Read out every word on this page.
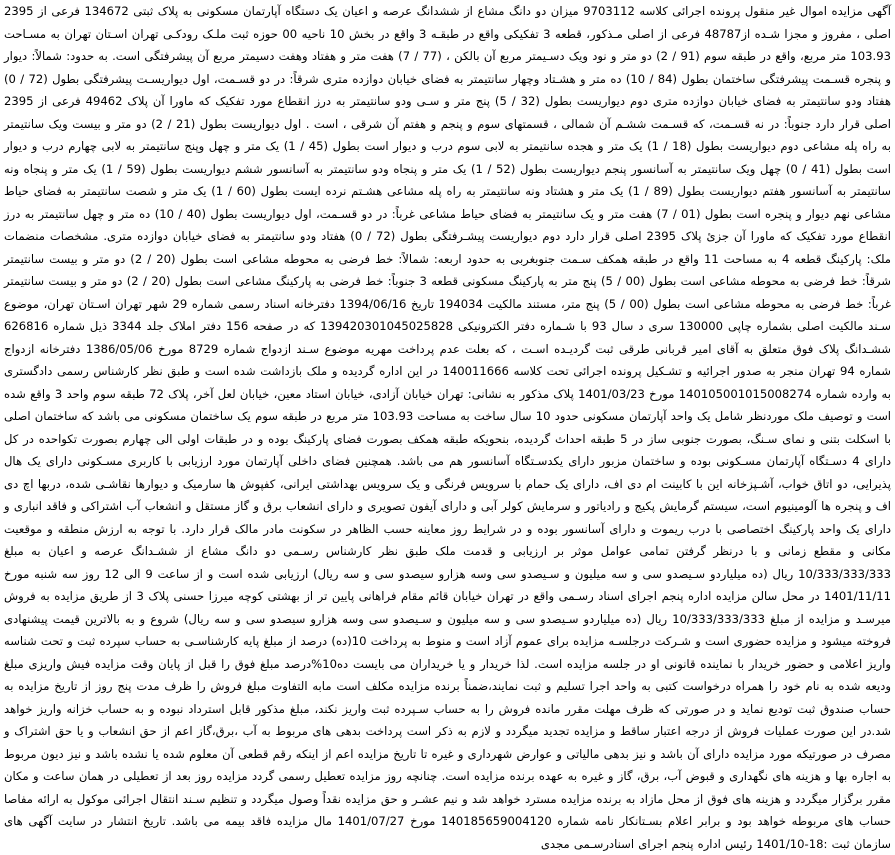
آگهی مزایده اموال غیر منقول پرونده اجرائی کلاسه 9703112 میزان دو دانگ مشاع از ششدانگ عرصه و اعیان یک دستگاه آپارتمان مسکونی به پلاک ثبتی 134672 فرعی از 2395 اصلی ، مفروز و مجزا شـده از48787 فرعی از اصلی مـذکور، قطعه 3 تفکیکی واقع در طبقـه 3 واقع در بخش 10 ناحیه 00 حوزه ثبت ملـک رودکـی تهران اسـتان تهران به مسـاحت 103.93 متر مربع، واقع در طبقه سوم (91 / 2) دو متر و نود ویک دسـیمتر مربع آن بالکن ، (77 / 7) هفت متر و هفتاد وهفت دسیمتر مربع آن پیشرفتگی است. به حدود: شمالاً: دیوار و پنجره قسـمت پیشرفتگی ساختمان بطول (84 / 10) ده متر و هشـتاد وچهار سانتیمتر به فضای خیابان دوازده متری شرقاً: در دو قسـمت، اول دیواریسـت پیشرفتگی بطول (72 / 0) هفتاد ودو سانتیمتر به فضای خیابان دوازده متری دوم دیواریست بطول (32 / 5) پنج متر و سـی ودو سانتیمتر به درز انقطاع مورد تفکیک که ماورا آن پلاک 49462 فرعی از 2395 اصلی قرار دارد جنوباً: در نه قسـمت، که قسـمت ششـم آن شمالی ، قسمتهای سوم و پنجم و هفتم آن شرقی ، است . اول دیواریست بطول (21 / 2) دو متر و بیست ویک سانتیمتر به راه پله مشاعی دوم دیواریست بطول (18 / 1) یک متر و هجده سانتیمتر به لابی سوم درب و دیوار است بطول (45 / 1) یک متر و چهل وپنج سانتیمتر به لابی چهارم درب و دیوار است بطول (41 / 0) چهل ویک سانتیمتر به آسانسور پنجم دیواریست بطول (52 / 1) یک متر و پنجاه ودو سانتیمتر به آسانسور ششم دیواریست بطول (59 / 1) یک متر و پنجاه ونه سانتیمتر به آسانسور هفتم دیواریست بطول (89 / 1) یک متر و هشتاد ونه سانتیمتر به راه پله مشاعی هشـتم نرده ایست بطول (60 / 1) یک متر و شصت سانتیمتر به فضای حیاط مشاعی نهم دیوار و پنجره است بطول (01 / 7) هفت متر و یک سانتیمتر به فضای حیاط مشاعی غرباً: در دو قسـمت، اول دیواریست بطول (40 / 10) ده متر و چهل سانتیمتر به درز انقطاع مورد تفکیک که ماورا آن جزئ پلاک 2395 اصلی قرار دارد دوم دیواریست پیشـرفتگی بطول (72 / 0) هفتاد ودو سانتیمتر به فضای خیابان دوازده متری. مشخصات منضمات ملک: پارکینگ قطعه 4 به مساحت 11 واقع در طبقه همکف سـمت جنوبغربی به حدود اربعه: شمالاً: خط فرضی به محوطه مشاعی است بطول (20 / 2) دو متر و بیست سانتیمتر شرقاً: خط فرضی به محوطه مشاعی است بطول (00 / 5) پنج متر به پارکینگ مسکونی قطعه 3 جنوباً: خط فرضی به پارکینگ مشاعی است بطول (20 / 2) دو متر و بیست سانتیمتر غرباً: خط فرضی به محوطه مشاعی است بطول (00 / 5) پنج متر، مستند مالکیت 194034 تاریخ 1394/06/16 دفترخانه اسناد رسمی شماره 29 شهر تهران اسـتان تهران، موضوع سـند مالکیت اصلی بشماره چاپی 130000 سری د سال 93 با شـماره دفتر الکترونیکی 139420301045025828 که در صفحه 156 دفتر املاک جلد 3344 ذیل شماره 626816 ششـدانگ پلاک فوق متعلق به آقای امیر قربانی طرقی ثبت گردیـده اسـت ، که بعلت عدم پرداخت مهریه موضوع سـند ازدواج شماره 8729 مورخ 1386/05/06 دفترخانه ازدواج شماره 94 تهران منجر به صدور اجرائیه و تشـکیل پرونده اجرائی تحت کلاسه 140011666 در این اداره گردیده و ملک بازداشت شده است و طبق نظر کارشناس رسمی دادگستری به وارده شماره 140105001015008274 مورخ 1401/03/23 پلاک مذکور به نشانی: تهران خیابان آزادی، خیابان استاد معین، خیابان لعل آخر، پلاک 72 طبقه سوم واحد 3 واقع شده است و توصیف ملک موردنظر شامل یک واحد آپارتمان مسکونی حدود 10 سال ساخت به مساحت 103.93 متر مربع در طبقه سوم یک ساختمان مسکونی می باشد که ساختمان اصلی با اسکلت بتنی و نمای سـنگ، بصورت جنوبی ساز در 5 طبقه احداث گردیده، بنحویکه طبقه همکف بصورت فضای پارکینگ بوده و در طبقات اولی الی چهارم بصورت تکواحده در کل دارای 4 دسـتگاه آپارتمان مسـکونی بوده و ساختمان مزبور دارای یکدسـتگاه آسانسور هم می باشد. همچنین فضای داخلی آپارتمان مورد ارزیابی با کاربری مسـکونی دارای یک هال پذیرایی، دو اتاق خواب، آشـپزخانه این با کابینت ام دی اف، دارای یک حمام با سرویس فرنگی و یک سرویس بهداشتی ایرانی، کفپوش ها سارمیک و دیوارها نقاشـی شده، دربها اچ دی اف و پنجره ها آلومینیوم است، سیستم گرمایش پکیج و رادیاتور و سرمایش کولر آبی و دارای آیفون تصویری و دارای انشعاب برق و گاز مستقل و انشعاب آب اشتراکی و فاقد انباری و دارای یک واحد پارکینگ اختصاصی با درب ریموت و دارای آسانسور بوده و در شرایط روز معاینه حسب الظاهر در سکونت مادر مالک قرار دارد. با توجه به ارزش منطقه و موقعیت مکانی و مقطع زمانی و با درنظر گرفتن تمامی عوامل موثر بر ارزیابی و قدمت ملک طبق نظر کارشناس رسـمی دو دانگ مشاع از ششـدانگ عرصه و اعیان به مبلغ 10/333/333/333 ریال (ده میلیاردو سـیصدو سی و سه میلیون و سـیصدو سی وسه هزارو سیصدو سی و سه ریال) ارزیابی شده است و از ساعت 9 الی 12 روز سه شنبه مورخ 1401/11/11 در محل سالن مزایده اداره پنجم اجرای اسناد رسـمی واقع در تهران خیابان قائم مقام فراهانی پایین تر از بهشتی کوچه میرزا حسنی پلاک 3 از طریق مزایده به فروش میرسـد و مزایده از مبلغ 10/333/333/333 ریال (ده میلیاردو سـیصدو سی و سه میلیون و سـیصدو سی وسه هزارو سیصدو سی و سه ریال) شروع و به بالاترین قیمت پیشنهادی فروخته میشود و مزایده حضوری است و شـرکت درجلسـه مزایده برای عموم آزاد است و منوط به پرداخت 10(ده) درصد از مبلغ پایه کارشناسـی به حساب سپرده ثبت و تحت شناسه واریز اعلامی و حضور خریدار با نماینده قانونی او در جلسه مزایده است. لذا خریدار و یا خریداران می بایست ده10%درصد مبلغ فوق را قبل از پایان وقت مزایده فیش واریزی مبلغ ودیعه شده به نام خود را همراه درخواست کتبی به واحد اجرا تسلیم و ثبت نمایند،ضمناً برنده مزایده مکلف است مابه التفاوت مبلغ فروش را ظرف مدت پنج روز از تاریخ مزایده به حساب صندوق ثبت تودیع نماید و در صورتی که ظرف مهلت مقرر مانده فروش را به حساب سـپرده ثبت واریز نکند، مبلغ مذکور قابل استرداد نبوده و به حساب خزانه واریز خواهد شد.در این صورت عملیات فروش از درجه اعتبار ساقط و مزایده تجدید میگردد و لازم به ذکر است پرداخت بدهی های مربوط به آب ،برق،گاز اعم از حق انشعاب و یا حق اشتراک و مصرف در صورتیکه مورد مزایده دارای آن باشد و نیز بدهی مالیاتی و عوارض شهرداری و غیره تا تاریخ مزایده اعم از اینکه رقم قطعی آن معلوم شده یا نشده باشد و نیز دیون مربوط به اجاره بها و هزینه های نگهداری و قبوض آب، برق، گاز و غیره به عهده برنده مزایده است. چنانچه روز مزایده تعطیل رسمی گردد مزایده روز بعد از تعطیلی در همان ساعت و مکان مقرر برگزار میگردد و هزینه های فوق از محل مازاد به برنده مزایده مسترد خواهد شد و نیم عشـر و حق مزایده نقداً وصول میگردد و تنظیم سـند انتقال اجرائی موکول به ارائه مفاصا حساب های مربوطه خواهد بود و برابر اعلام بسـتانکار نامه شماره 140185659004120 مورخ 1401/07/27 مال مزایده فاقد بیمه می باشد. تاریخ انتشار در سایت آگهی های سازمان ثبت :18-1401/10 رئیس اداره پنجم اجرای اسنادرسـمی مجدی
